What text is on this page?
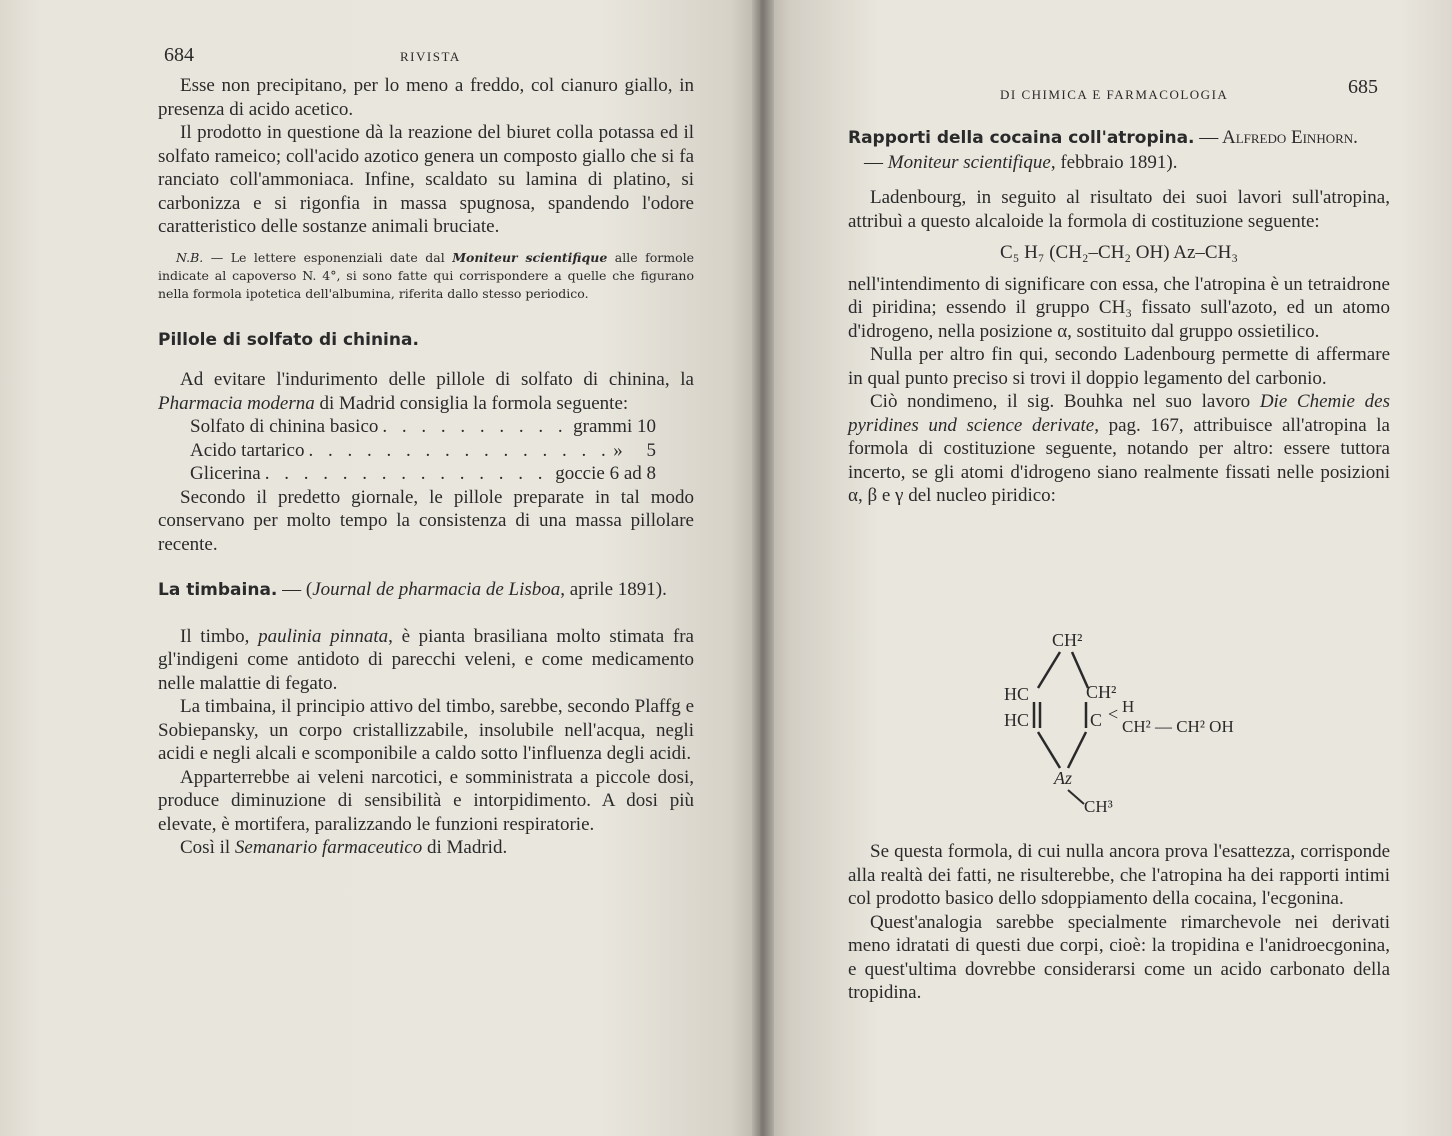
684	RIVISTA

Esse non precipitano, per lo meno a freddo, col cianuro giallo, in presenza di acido acetico.

Il prodotto in questione dà la reazione del biuret colla potassa ed il solfato rameico; coll'acido azotico genera un composto giallo che si fa ranciato coll'ammoniaca. Infine, scaldato su lamina di platino, si carbonizza e si rigonfia in massa spugnosa, spandendo l'odore caratteristico delle sostanze animali bruciate.

N.B. — Le lettere esponenziali date dal Moniteur scientifique alle formole indicate al capoverso N. 4°, si sono fatte qui corrispondere a quelle che figurano nella formola ipotetica dell'albumina, riferita dallo stesso periodico.

Pillole di solfato di chinina.

Ad evitare l'indurimento delle pillole di solfato di chinina, la Pharmacia moderna di Madrid consiglia la formola seguente:

Solfato di chinina basico . . .	grammi 10
Acido tartarico . . .	»     5
Glicerina . . .	goccie 6 ad 8

Secondo il predetto giornale, le pillole preparate in tal modo conservano per molto tempo la consistenza di una massa pillolare recente.

La timbaina. — (Journal de pharmacia de Lisboa, aprile 1891).

Il timbo, paulinia pinnata, è pianta brasiliana molto stimata fra gl'indigeni come antidoto di parecchi veleni, e come medicamento nelle malattie di fegato.

La timbaina, il principio attivo del timbo, sarebbe, secondo Plaffg e Sobiepansky, un corpo cristallizzabile, insolubile nell'acqua, negli acidi e negli alcali e scomponibile a caldo sotto l'influenza degli acidi.

Apparterrebbe ai veleni narcotici, e somministrata a piccole dosi, produce diminuzione di sensibilità e intorpidimento. A dosi più elevate, è mortifera, paralizzando le funzioni respiratorie.

Così il Semanario farmaceutico di Madrid.

DI CHIMICA E FARMACOLOGIA	685

Rapporti della cocaina coll'atropina. — Alfredo Einhorn.
— Moniteur scientifique, febbraio 1891).

Ladenbourg, in seguito al risultato dei suoi lavori sull'atropina, attribuì a questo alcaloide la formola di costituzione seguente:

C₅ H₇ (CH₂–CH₂ OH) Az–CH₃

nell'intendimento di significare con essa, che l'atropina è un tetraidrone di piridina; essendo il gruppo CH₃ fissato sull'azoto, ed un atomo d'idrogeno, nella posizione α, sostituito dal gruppo ossietilico.

Nulla per altro fin qui, secondo Ladenbourg permette di affermare in qual punto preciso si trovi il doppio legamento del carbonio.

Ciò nondimeno, il sig. Bouhka nel suo lavoro Die Chemie des pyridines und science derivate, pag. 167, attribuisce all'atropina la formola di costituzione seguente, notando per altro: essere tuttora incerto, se gli atomi d'idrogeno siano realmente fissati nelle posizioni α, β e γ del nucleo piridico:

CH²
HC	CH²
HC	C < H
CH² — CH² OH
Az
CH³

Se questa formola, di cui nulla ancora prova l'esattezza, corrisponde alla realtà dei fatti, ne risulterebbe, che l'atropina ha dei rapporti intimi col prodotto basico dello sdoppiamento della cocaina, l'ecgonina.

Quest'analogia sarebbe specialmente rimarchevole nei derivati meno idratati di questi due corpi, cioè: la tropidina e l'anidroecgonina, e quest'ultima dovrebbe considerarsi come un acido carbonato della tropidina.
